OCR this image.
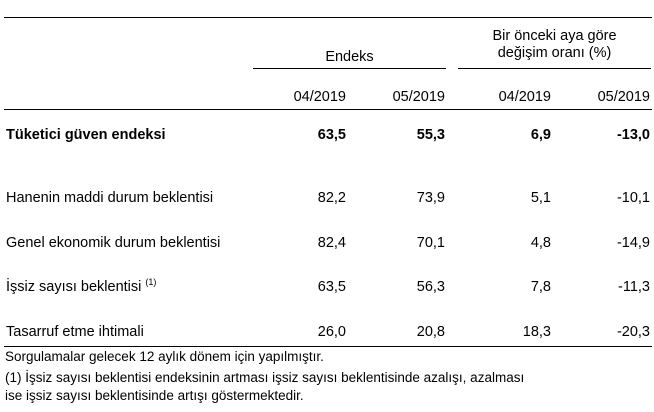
Endeks
Bir önceki aya göre
değişim oranı (%)
04/2019	05/2019	04/2019	05/2019
Tüketici güven endeksi	63,5	55,3	6,9	-13,0
Hanenin maddi durum beklentisi	82,2	73,9	5,1	-10,1
Genel ekonomik durum beklentisi	82,4	70,1	4,8	-14,9
İşsiz sayısı beklentisi $^{(1)}$	63,5	56,3	7,8	-11,3
Tasarruf etme ihtimali	26,0	20,8	18,3	-20,3
Sorgulamalar gelecek 12 aylık dönem için yapılmıştır.
(1) İşsiz sayısı beklentisi endeksinin artması işsiz sayısı beklentisinde azalışı, azalması
ise işsiz sayısı beklentisinde artışı göstermektedir.
